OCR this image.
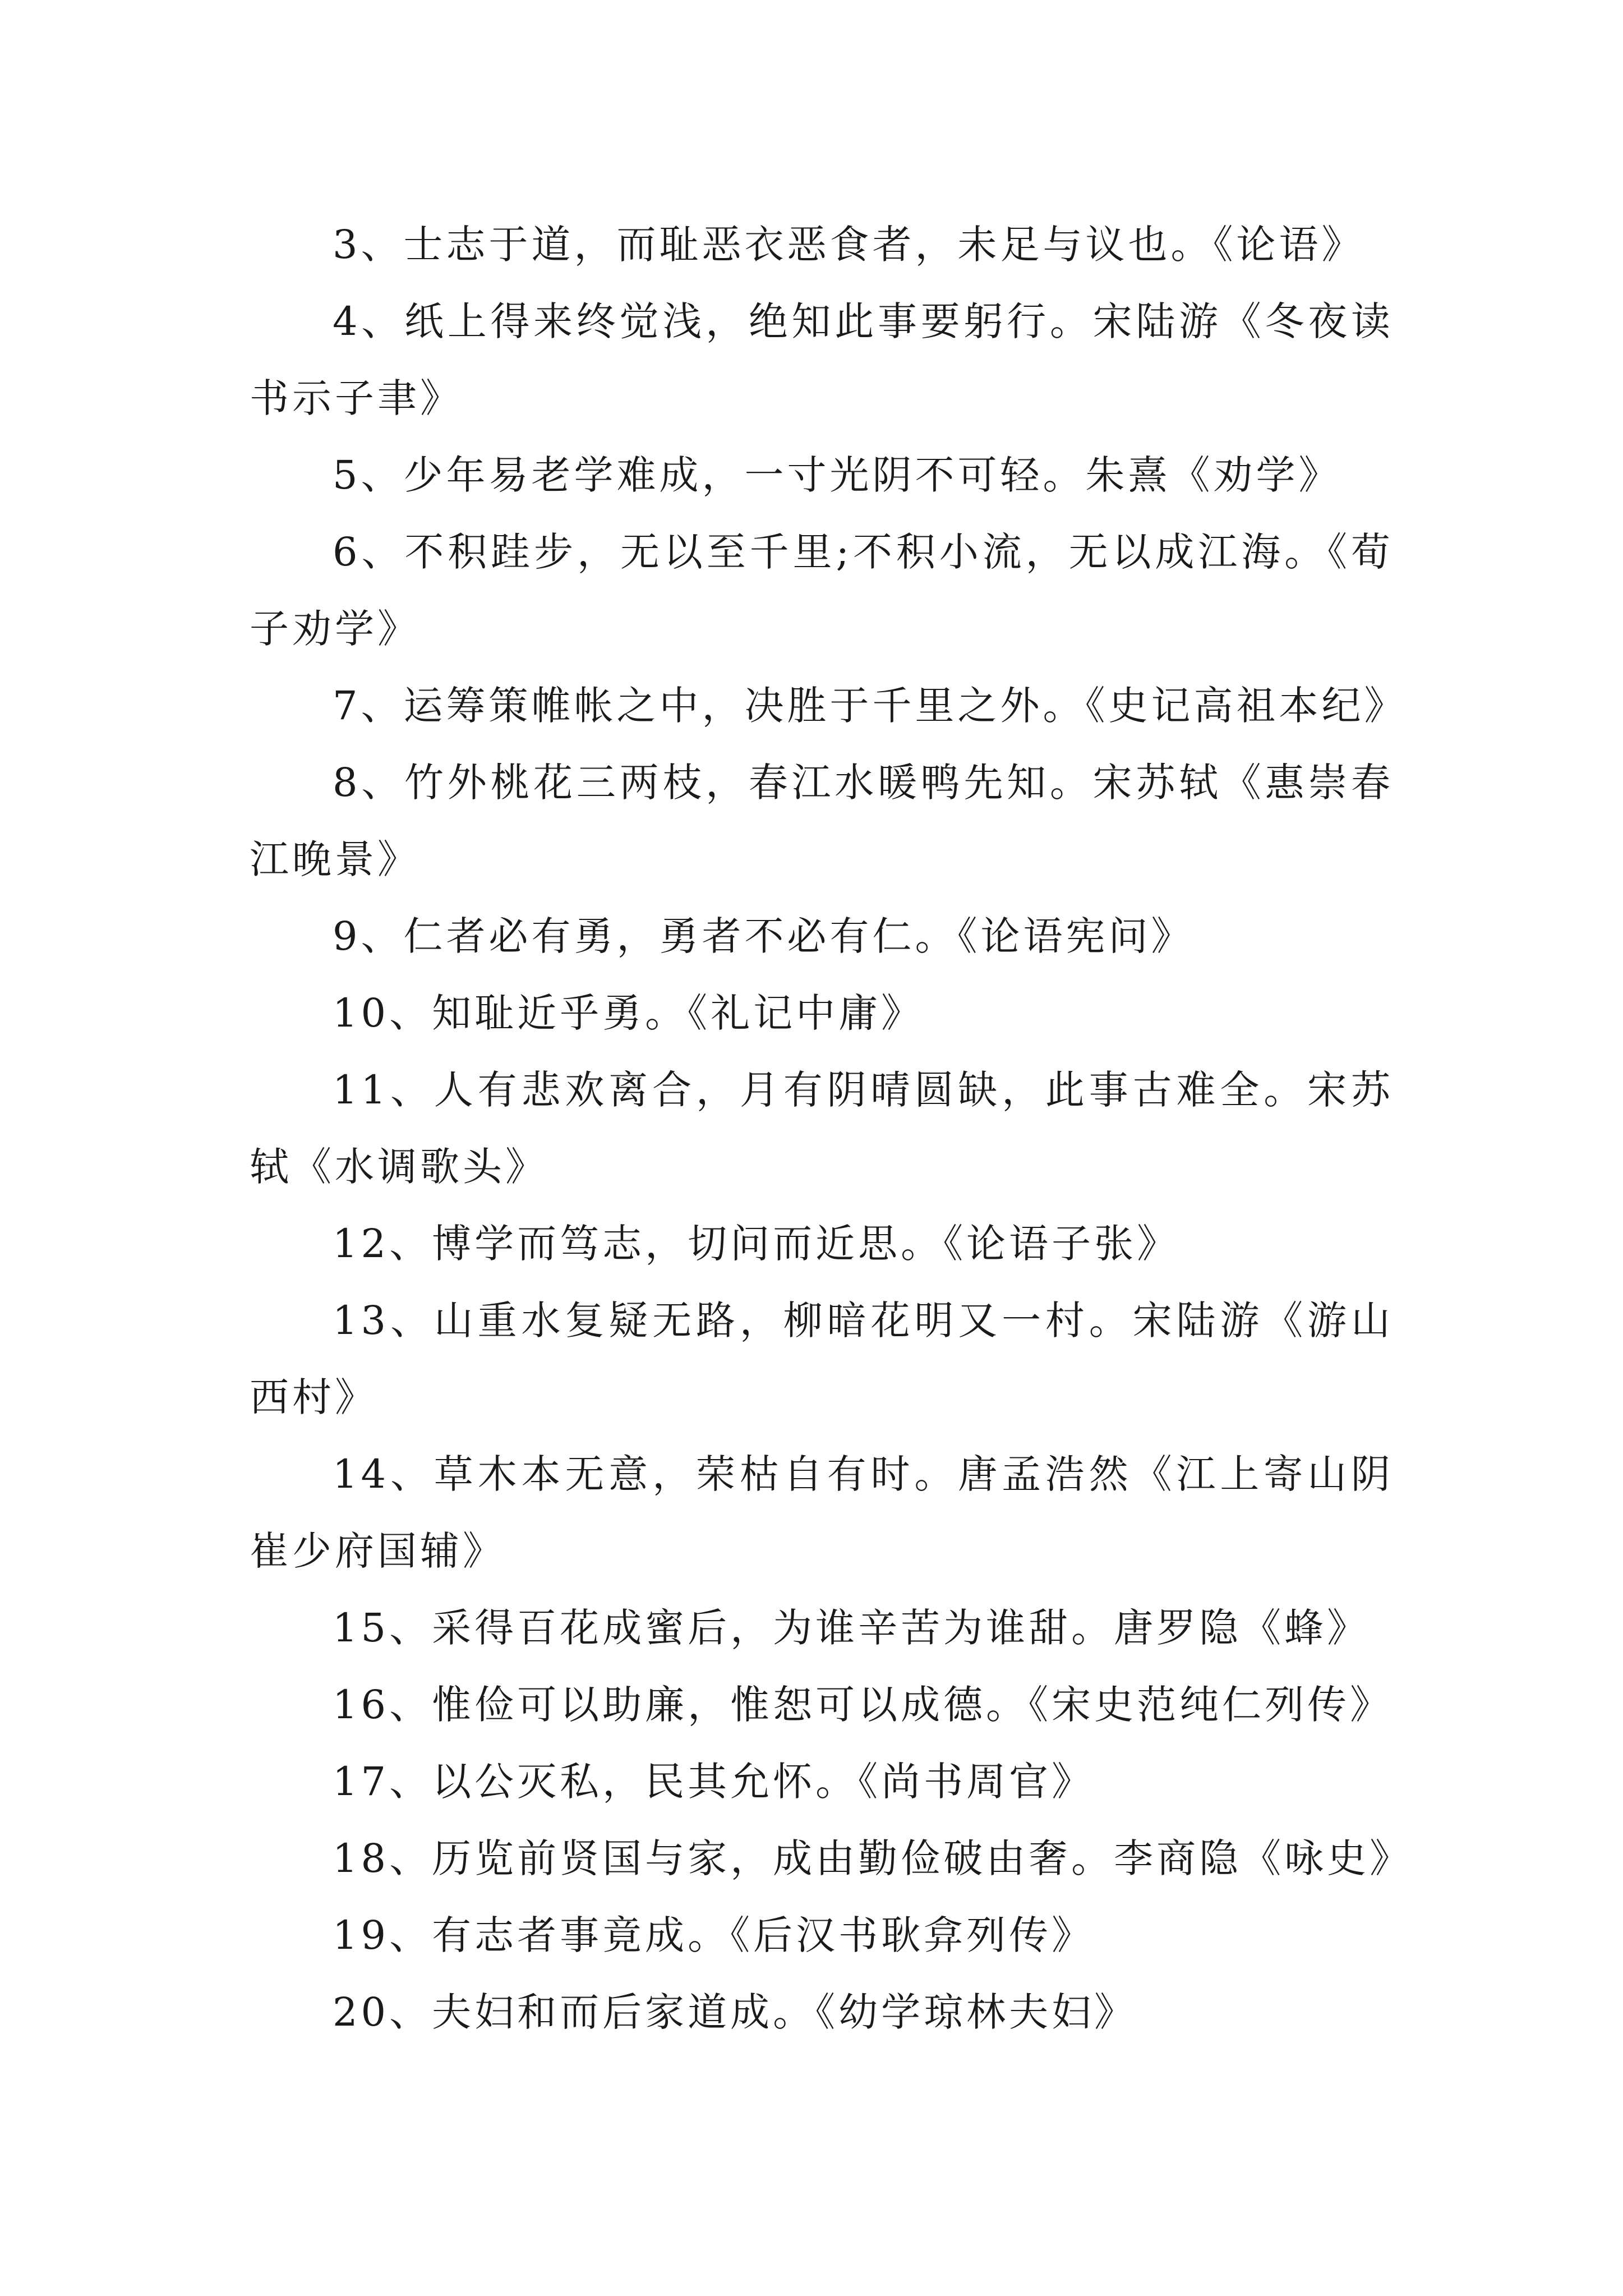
3、士志于道，而耻恶衣恶食者，未足与议也。《论语》

4、纸上得来终觉浅，绝知此事要躬行。宋陆游《冬夜读书示子聿》

5、少年易老学难成，一寸光阴不可轻。朱熹《劝学》

6、不积跬步，无以至千里;不积小流，无以成江海。《荀子劝学》

7、运筹策帷帐之中，决胜于千里之外。《史记高祖本纪》

8、竹外桃花三两枝，春江水暖鸭先知。宋苏轼《惠崇春江晚景》

9、仁者必有勇，勇者不必有仁。《论语宪问》

10、知耻近乎勇。《礼记中庸》

11、人有悲欢离合，月有阴晴圆缺，此事古难全。宋苏轼《水调歌头》

12、博学而笃志，切问而近思。《论语子张》

13、山重水复疑无路，柳暗花明又一村。宋陆游《游山西村》

14、草木本无意，荣枯自有时。唐孟浩然《江上寄山阴崔少府国辅》

15、采得百花成蜜后，为谁辛苦为谁甜。唐罗隐《蜂》

16、惟俭可以助廉，惟恕可以成德。《宋史范纯仁列传》

17、以公灭私，民其允怀。《尚书周官》

18、历览前贤国与家，成由勤俭破由奢。李商隐《咏史》

19、有志者事竟成。《后汉书耿弇列传》

20、夫妇和而后家道成。《幼学琼林夫妇》
